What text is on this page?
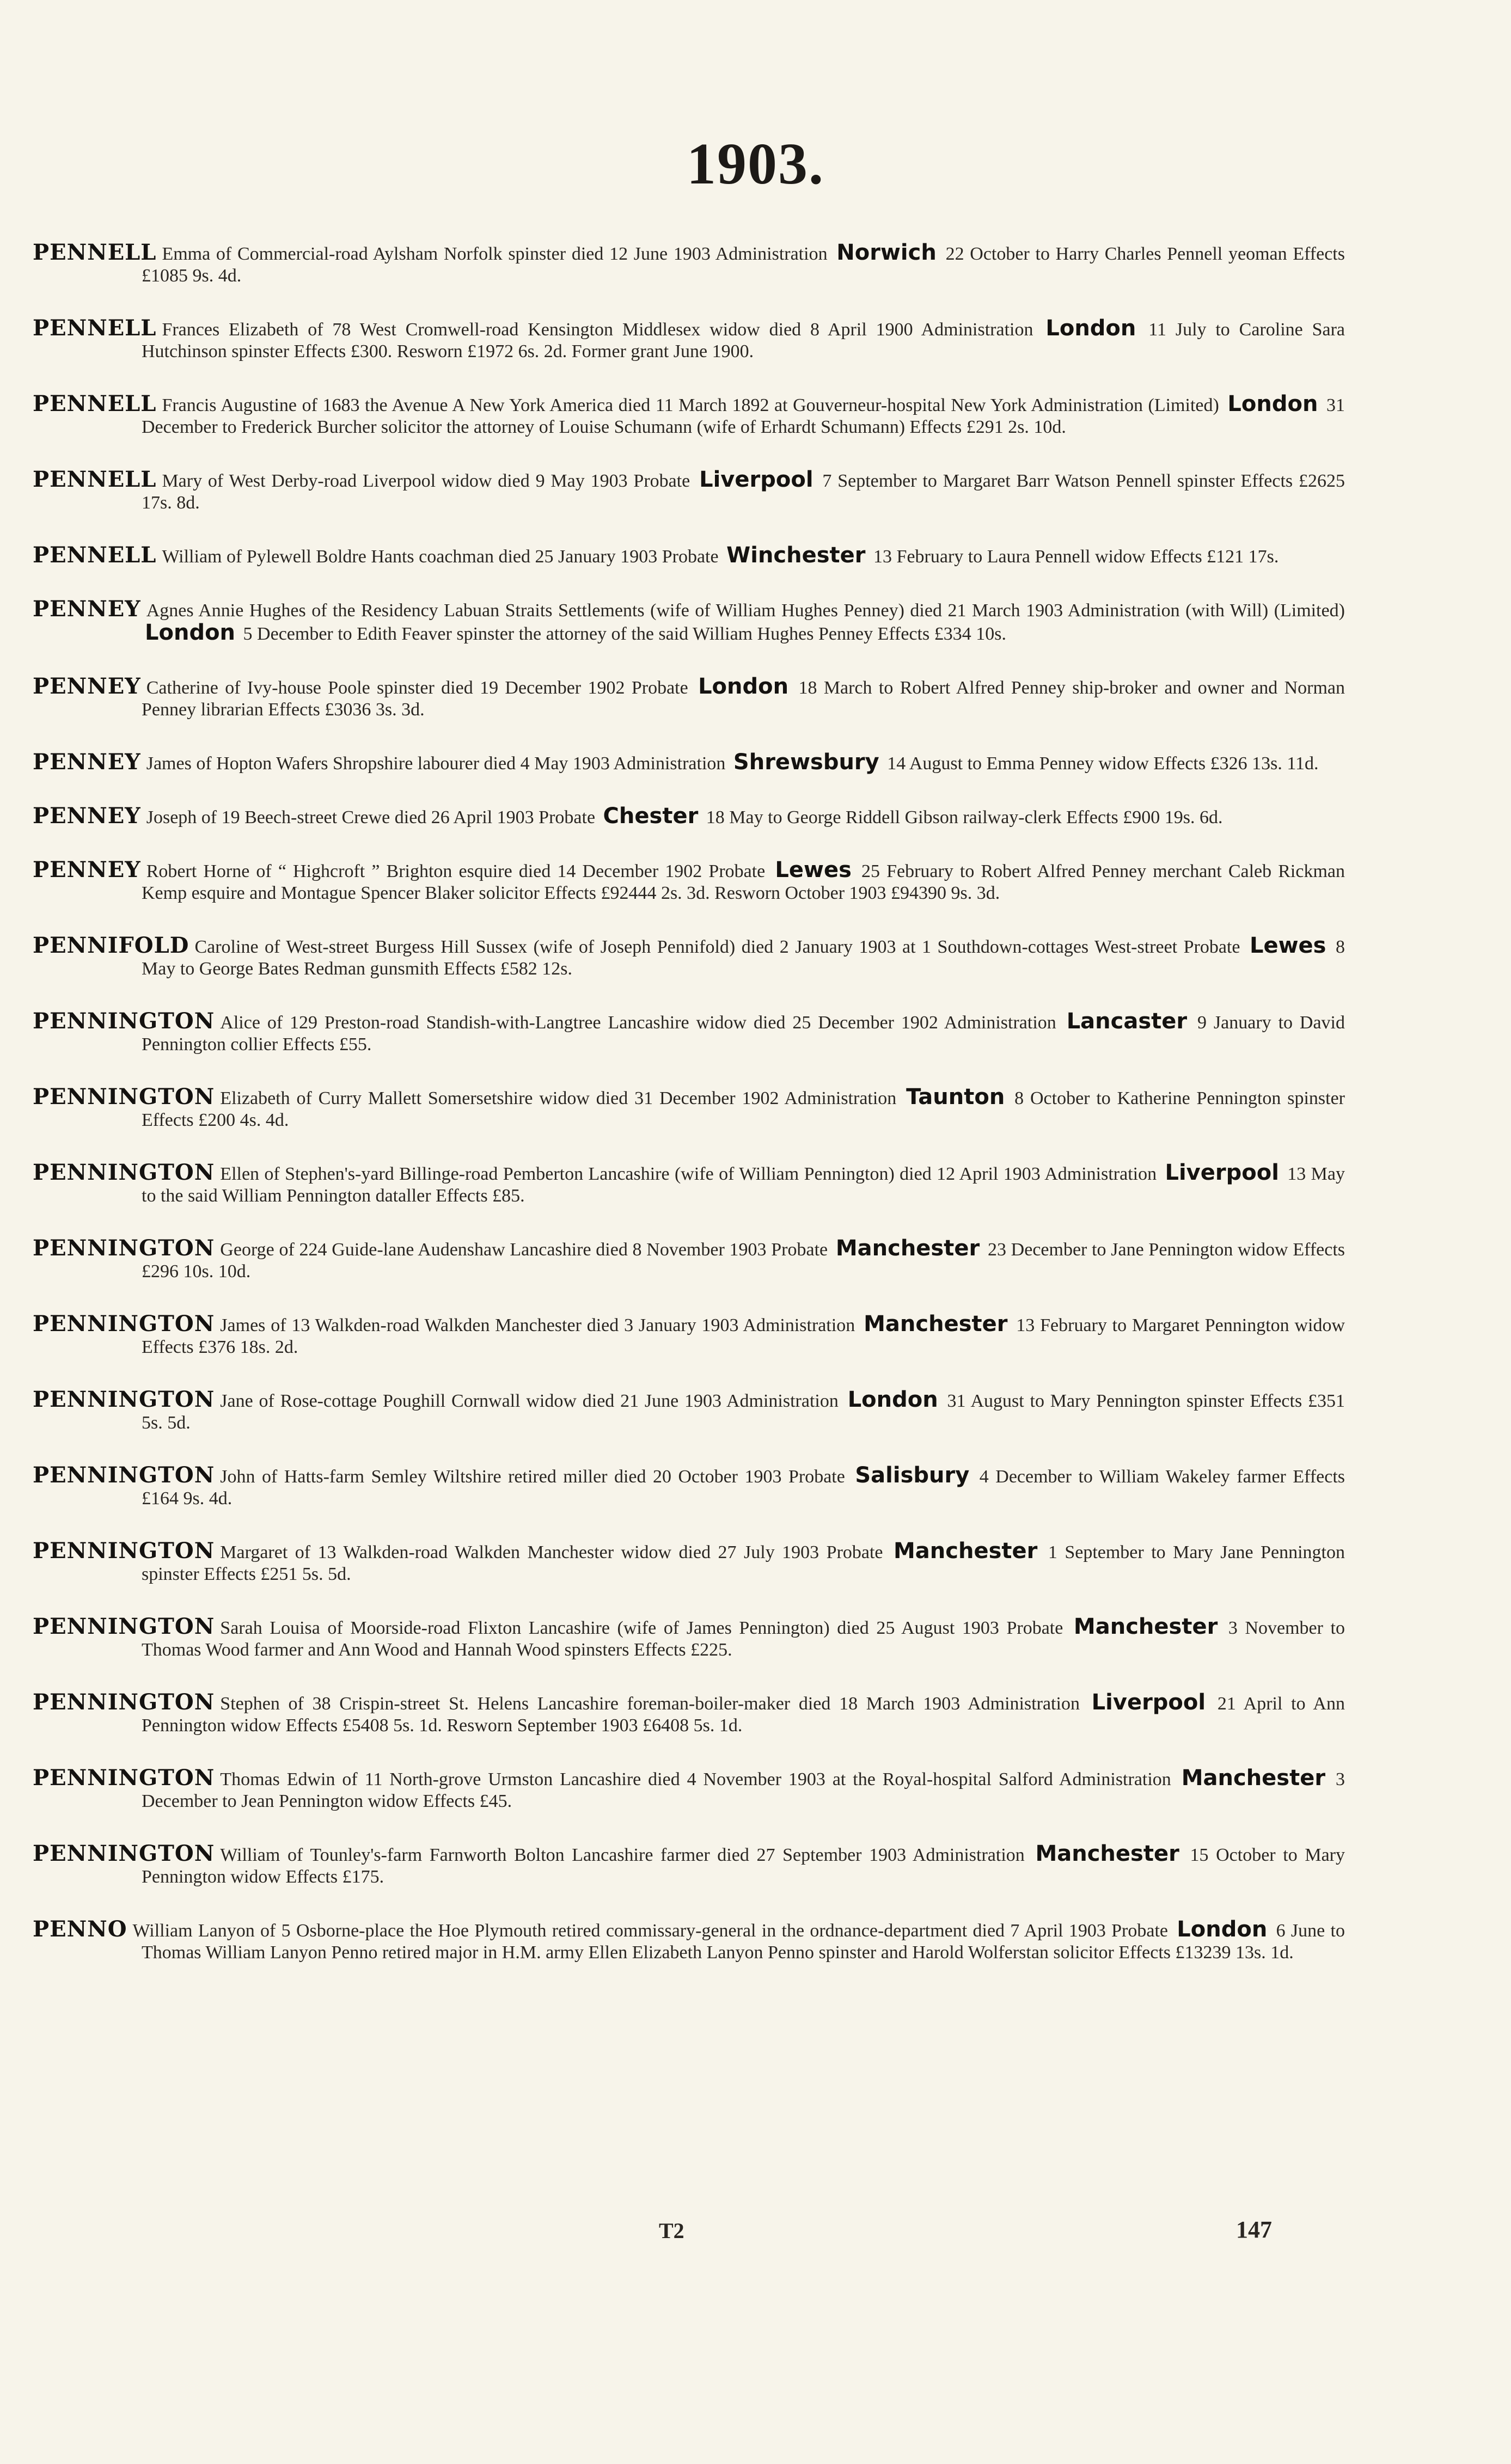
1903.

PENNELL Emma of Commercial-road Aylsham Norfolk spinster died 12 June 1903 Administration Norwich 22 October to Harry Charles Pennell yeoman Effects £1085 9s. 4d.

PENNELL Frances Elizabeth of 78 West Cromwell-road Kensington Middlesex widow died 8 April 1900 Administration London 11 July to Caroline Sara Hutchinson spinster Effects £300. Resworn £1972 6s. 2d. Former grant June 1900.

PENNELL Francis Augustine of 1683 the Avenue A New York America died 11 March 1892 at Gouverneur-hospital New York Administration (Limited) London 31 December to Frederick Burcher solicitor the attorney of Louise Schumann (wife of Erhardt Schumann) Effects £291 2s. 10d.

PENNELL Mary of West Derby-road Liverpool widow died 9 May 1903 Probate Liverpool 7 September to Margaret Barr Watson Pennell spinster Effects £2625 17s. 8d.

PENNELL William of Pylewell Boldre Hants coachman died 25 January 1903 Probate Winchester 13 February to Laura Pennell widow Effects £121 17s.

PENNEY Agnes Annie Hughes of the Residency Labuan Straits Settlements (wife of William Hughes Penney) died 21 March 1903 Administration (with Will) (Limited) London 5 December to Edith Feaver spinster the attorney of the said William Hughes Penney Effects £334 10s.

PENNEY Catherine of Ivy-house Poole spinster died 19 December 1902 Probate London 18 March to Robert Alfred Penney ship-broker and owner and Norman Penney librarian Effects £3036 3s. 3d.

PENNEY James of Hopton Wafers Shropshire labourer died 4 May 1903 Administration Shrewsbury 14 August to Emma Penney widow Effects £326 13s. 11d.

PENNEY Joseph of 19 Beech-street Crewe died 26 April 1903 Probate Chester 18 May to George Riddell Gibson railway-clerk Effects £900 19s. 6d.

PENNEY Robert Horne of “ Highcroft ” Brighton esquire died 14 December 1902 Probate Lewes 25 February to Robert Alfred Penney merchant Caleb Rickman Kemp esquire and Montague Spencer Blaker solicitor Effects £92444 2s. 3d. Resworn October 1903 £94390 9s. 3d.

PENNIFOLD Caroline of West-street Burgess Hill Sussex (wife of Joseph Pennifold) died 2 January 1903 at 1 Southdown-cottages West-street Probate Lewes 8 May to George Bates Redman gunsmith Effects £582 12s.

PENNINGTON Alice of 129 Preston-road Standish-with-Langtree Lancashire widow died 25 December 1902 Administration Lancaster 9 January to David Pennington collier Effects £55.

PENNINGTON Elizabeth of Curry Mallett Somersetshire widow died 31 December 1902 Administration Taunton 8 October to Katherine Pennington spinster Effects £200 4s. 4d.

PENNINGTON Ellen of Stephen's-yard Billinge-road Pemberton Lancashire (wife of William Pennington) died 12 April 1903 Administration Liverpool 13 May to the said William Pennington dataller Effects £85.

PENNINGTON George of 224 Guide-lane Audenshaw Lancashire died 8 November 1903 Probate Manchester 23 December to Jane Pennington widow Effects £296 10s. 10d.

PENNINGTON James of 13 Walkden-road Walkden Manchester died 3 January 1903 Administration Manchester 13 February to Margaret Pennington widow Effects £376 18s. 2d.

PENNINGTON Jane of Rose-cottage Poughill Cornwall widow died 21 June 1903 Administration London 31 August to Mary Pennington spinster Effects £351 5s. 5d.

PENNINGTON John of Hatts-farm Semley Wiltshire retired miller died 20 October 1903 Probate Salisbury 4 December to William Wakeley farmer Effects £164 9s. 4d.

PENNINGTON Margaret of 13 Walkden-road Walkden Manchester widow died 27 July 1903 Probate Manchester 1 September to Mary Jane Pennington spinster Effects £251 5s. 5d.

PENNINGTON Sarah Louisa of Moorside-road Flixton Lancashire (wife of James Pennington) died 25 August 1903 Probate Manchester 3 November to Thomas Wood farmer and Ann Wood and Hannah Wood spinsters Effects £225.

PENNINGTON Stephen of 38 Crispin-street St. Helens Lancashire foreman-boiler-maker died 18 March 1903 Administration Liverpool 21 April to Ann Pennington widow Effects £5408 5s. 1d. Resworn September 1903 £6408 5s. 1d.

PENNINGTON Thomas Edwin of 11 North-grove Urmston Lancashire died 4 November 1903 at the Royal-hospital Salford Administration Manchester 3 December to Jean Pennington widow Effects £45.

PENNINGTON William of Tounley's-farm Farnworth Bolton Lancashire farmer died 27 September 1903 Administration Manchester 15 October to Mary Pennington widow Effects £175.

PENNO William Lanyon of 5 Osborne-place the Hoe Plymouth retired commissary-general in the ordnance-department died 7 April 1903 Probate London 6 June to Thomas William Lanyon Penno retired major in H.M. army Ellen Elizabeth Lanyon Penno spinster and Harold Wolferstan solicitor Effects £13239 13s. 1d.

T2	147
